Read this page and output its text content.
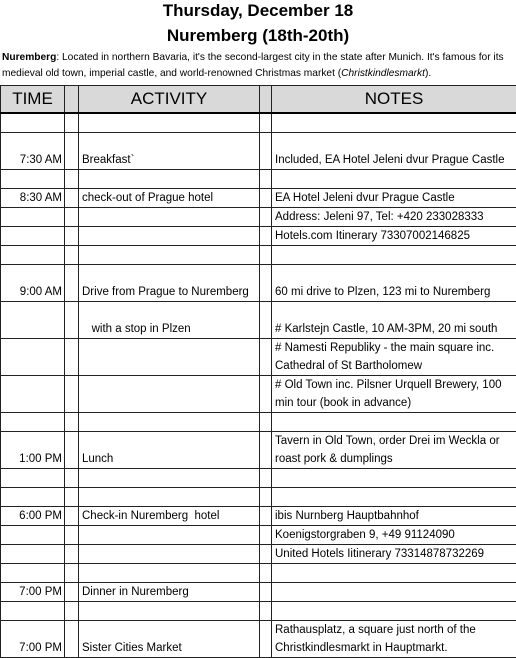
Thursday, December 18
Nuremberg (18th-20th)
Nuremberg: Located in northern Bavaria, it's the second-largest city in the state after Munich. It's famous for its medieval old town, imperial castle, and world-renowned Christmas market (Christkindlesmarkt).
TIME		ACTIVITY		NOTES

7:30 AM		Breakfast`		Included, EA Hotel Jeleni dvur Prague Castle

8:30 AM		check-out of Prague hotel		EA Hotel Jeleni dvur Prague Castle
				Address: Jeleni 97, Tel: +420 233028333
				Hotels.com Itinerary 73307002146825

9:00 AM		Drive from Prague to Nuremberg		60 mi drive to Plzen, 123 mi to Nuremberg
		with a stop in Plzen		# Karlstejn Castle, 10 AM-3PM, 20 mi south
				# Namesti Republiky - the main square inc. Cathedral of St Bartholomew
				# Old Town inc. Pilsner Urquell Brewery, 100 min tour (book in advance)

1:00 PM		Lunch		Tavern in Old Town, order Drei im Weckla or roast pork & dumplings

6:00 PM		Check-in Nuremberg  hotel		ibis Nurnberg Hauptbahnhof
				Koenigstorgraben 9, +49 91124090
				United Hotels Iitinerary 73314878732269

7:00 PM		Dinner in Nuremberg		

7:00 PM		Sister Cities Market		Rathausplatz, a square just north of the Christkindlesmarkt in Hauptmarkt.
